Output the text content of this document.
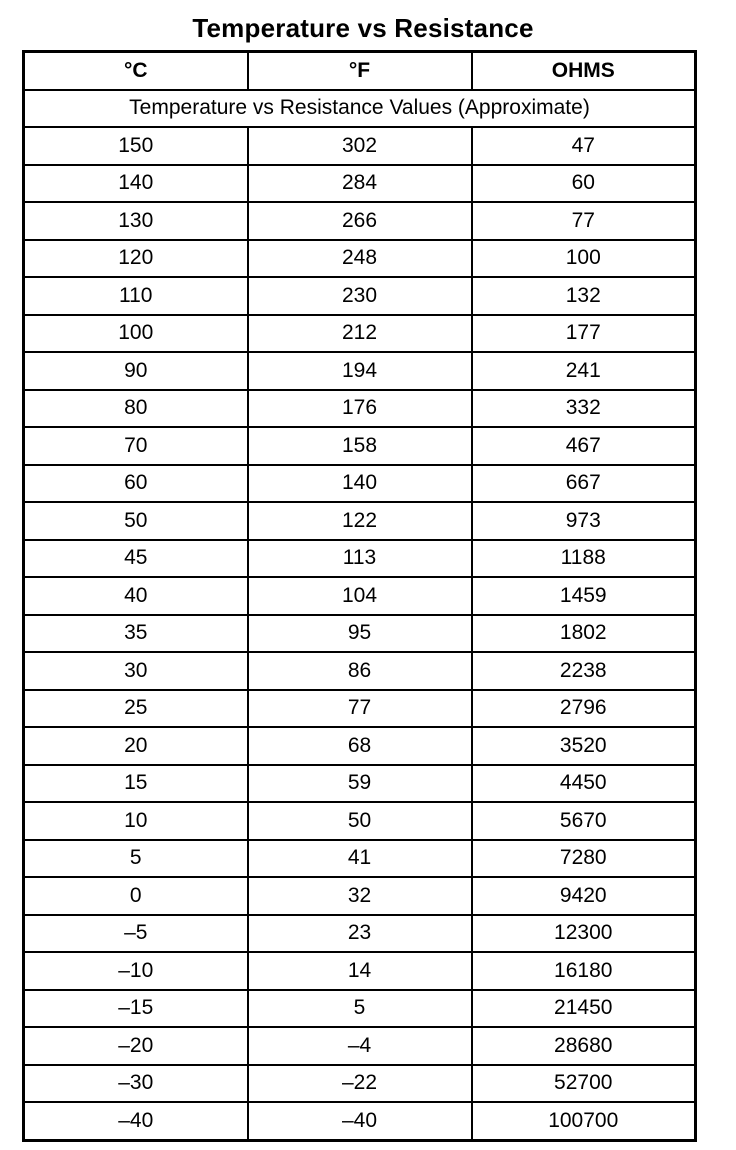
Temperature vs Resistance
°C	°F	OHMS
Temperature vs Resistance Values (Approximate)		
150	302	47
140	284	60
130	266	77
120	248	100
110	230	132
100	212	177
90	194	241
80	176	332
70	158	467
60	140	667
50	122	973
45	113	1188
40	104	1459
35	95	1802
30	86	2238
25	77	2796
20	68	3520
15	59	4450
10	50	5670
5	41	7280
0	32	9420
–5	23	12300
–10	14	16180
–15	5	21450
–20	–4	28680
–30	–22	52700
–40	–40	100700
